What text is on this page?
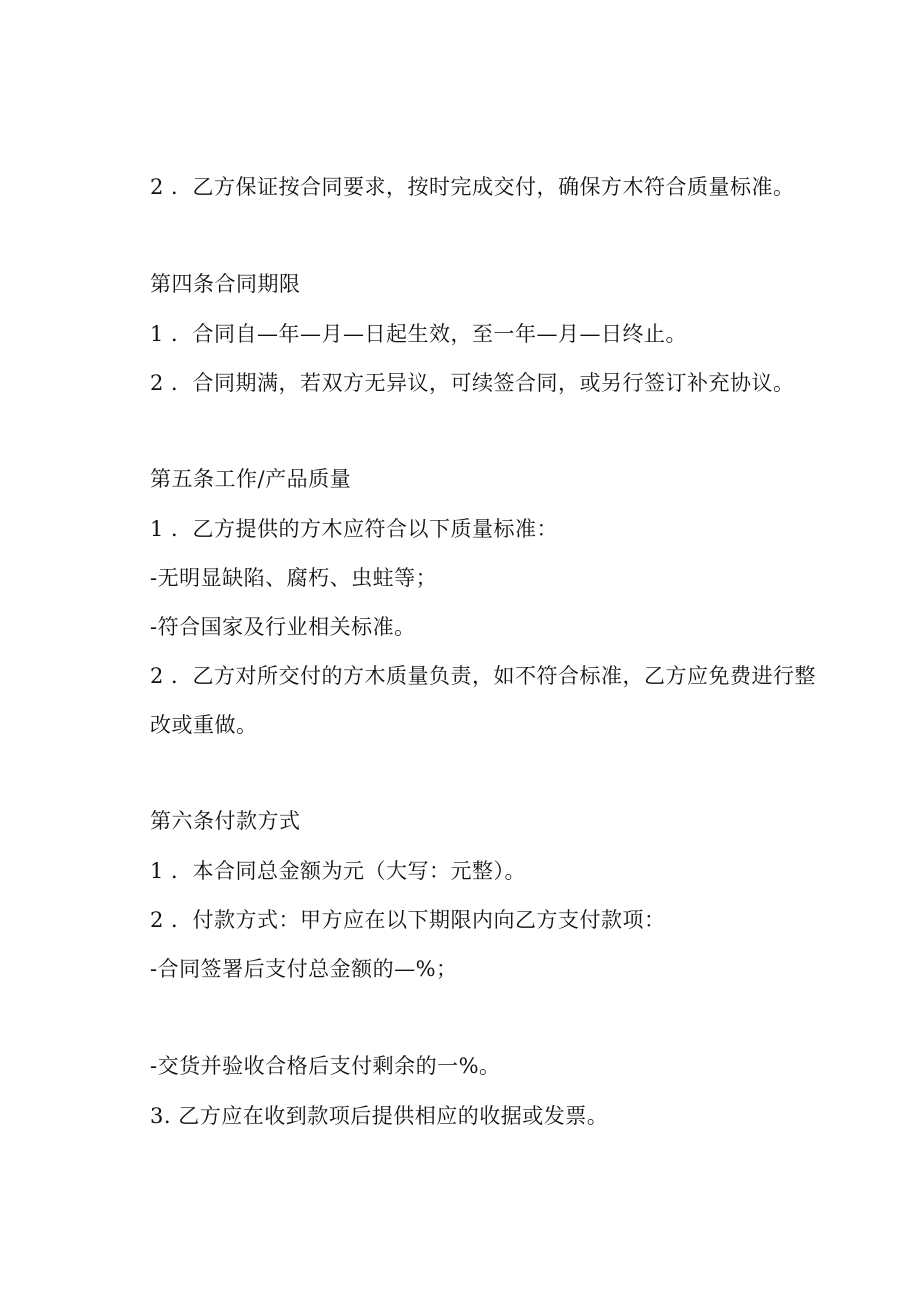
2 ．乙方保证按合同要求，按时完成交付，确保方木符合质量标准。
第四条合同期限
1 ．合同自—年—月—日起生效，至一年—月—日终止。
2 ．合同期满，若双方无异议，可续签合同，或另行签订补充协议。
第五条工作/产品质量
1 ．乙方提供的方木应符合以下质量标准：
-无明显缺陷、腐朽、虫蛀等；
-符合国家及行业相关标准。
2 ．乙方对所交付的方木质量负责，如不符合标准，乙方应免费进行整
改或重做。
第六条付款方式
1 ．本合同总金额为元（大写：元整）。
2 ．付款方式：甲方应在以下期限内向乙方支付款项：
-合同签署后支付总金额的—%；
-交货并验收合格后支付剩余的一%。
3. 乙方应在收到款项后提供相应的收据或发票。
